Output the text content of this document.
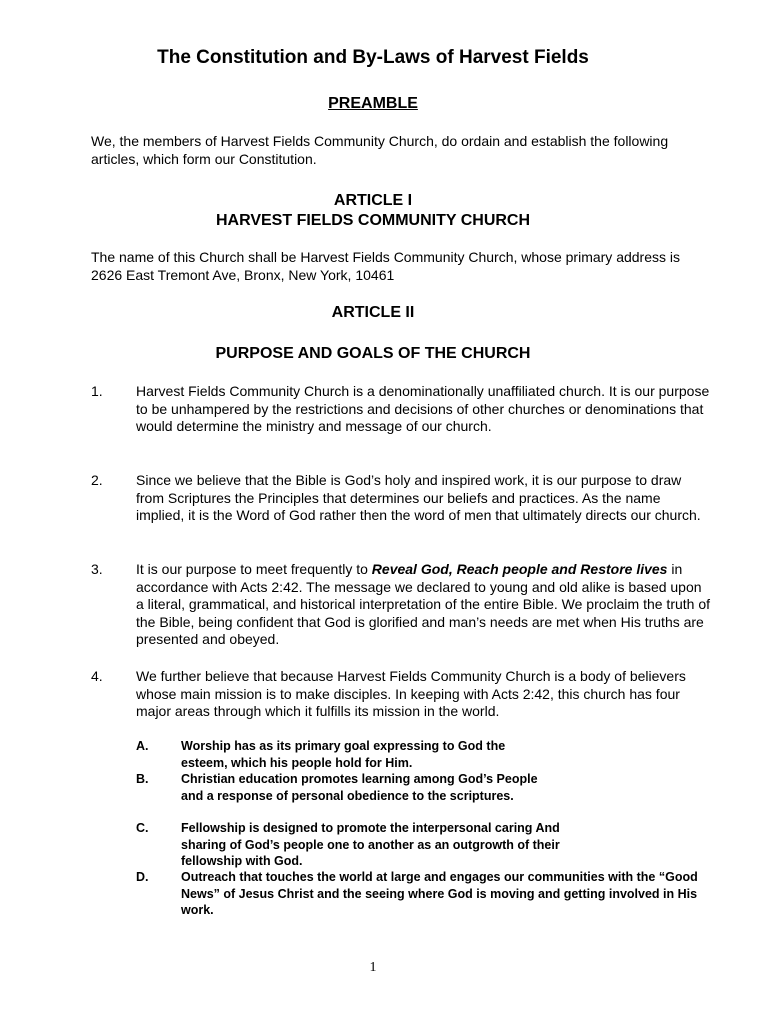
The Constitution and By-Laws of Harvest Fields
PREAMBLE
We, the members of Harvest Fields Community Church, do ordain and establish the following articles, which form our Constitution.
ARTICLE I
HARVEST FIELDS COMMUNITY CHURCH
The name of this Church shall be Harvest Fields Community Church, whose primary address is 2626 East Tremont Ave, Bronx, New York, 10461
ARTICLE II
PURPOSE AND GOALS OF THE CHURCH
1. Harvest Fields Community Church is a denominationally unaffiliated church. It is our purpose to be unhampered by the restrictions and decisions of other churches or denominations that would determine the ministry and message of our church.
2. Since we believe that the Bible is God’s holy and inspired work, it is our purpose to draw from Scriptures the Principles that determines our beliefs and practices. As the name implied, it is the Word of God rather then the word of men that ultimately directs our church.
3. It is our purpose to meet frequently to Reveal God, Reach people and Restore lives in accordance with Acts 2:42. The message we declared to young and old alike is based upon a literal, grammatical, and historical interpretation of the entire Bible. We proclaim the truth of the Bible, being confident that God is glorified and man’s needs are met when His truths are presented and obeyed.
4. We further believe that because Harvest Fields Community Church is a body of believers whose main mission is to make disciples. In keeping with Acts 2:42, this church has four major areas through which it fulfills its mission in the world.
A.	Worship has as its primary goal expressing to God the esteem, which his people hold for Him.
B.	Christian education promotes learning among God’s People and a response of personal obedience to the scriptures.
C.	Fellowship is designed to promote the interpersonal caring And sharing of God’s people one to another as an outgrowth of their fellowship with God.
D.	Outreach that touches the world at large and engages our communities with the “Good News” of Jesus Christ and the seeing where God is moving and getting involved in His work.
1
